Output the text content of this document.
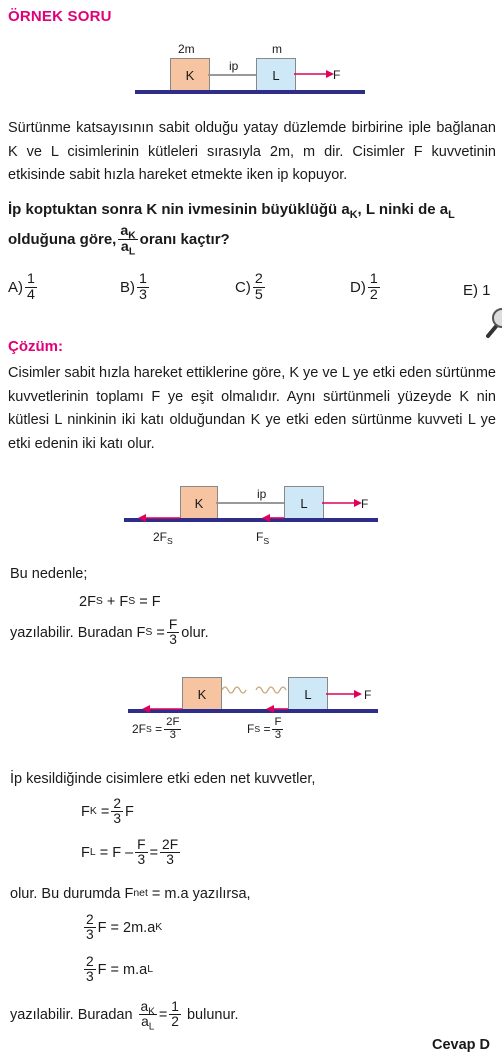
ÖRNEK SORU
2m	m
ip
K	L	F
Sürtünme katsayısının sabit olduğu yatay düzlemde birbirine iple bağlanan K ve L cisimlerinin kütleleri sırasıyla 2m, m dir. Cisimler F kuvvetinin etkisinde sabit hızla hareket etmekte iken ip kopuyor.
İp koptuktan sonra K nin ivmesinin büyüklüğü $a_K$, L ninki de $a_L$
olduğuna göre, $\frac{a_K}{a_L}$ oranı kaçtır?
$A) \frac{1}{4}$	$B) \frac{1}{3}$	$C) \frac{2}{5}$	$D) \frac{1}{2}$	E) 1
Çözüm:
Cisimler sabit hızla hareket ettiklerine göre, K ye ve L ye etki eden sürtünme kuvvetlerinin toplamı F ye eşit olmalıdır. Aynı sürtünmeli yüzeyde K nin kütlesi L ninkinin iki katı olduğundan K ye etki eden sürtünme kuvveti L ye etki edenin iki katı olur.
ip
K	L	F
$2F_S$	$F_S$
Bu nedenle;
2F S
+ F S
= F
yazılabilir. Buradan F S
= $\frac{F}{3}$ olur.
K	L	F
2F $S = \frac{2F}{3}$	F $S = \frac{F}{3}$
İp kesildiğinde cisimlere etki eden net kuvvetler,
F K
= $\frac{2}{3}$ F
F L
= $F - \frac{F}{3} = \frac{2F}{3}$
olur. Bu durumda F net
= m.a yazılırsa,
$\frac{2}{3}$ F = 2m.a K
$\frac{2}{3}$ F = m.a L
yazılabilir. Buradan
$\frac{a_K}{a_L} = \frac{1}{2}$
bulunur.
Cevap D
